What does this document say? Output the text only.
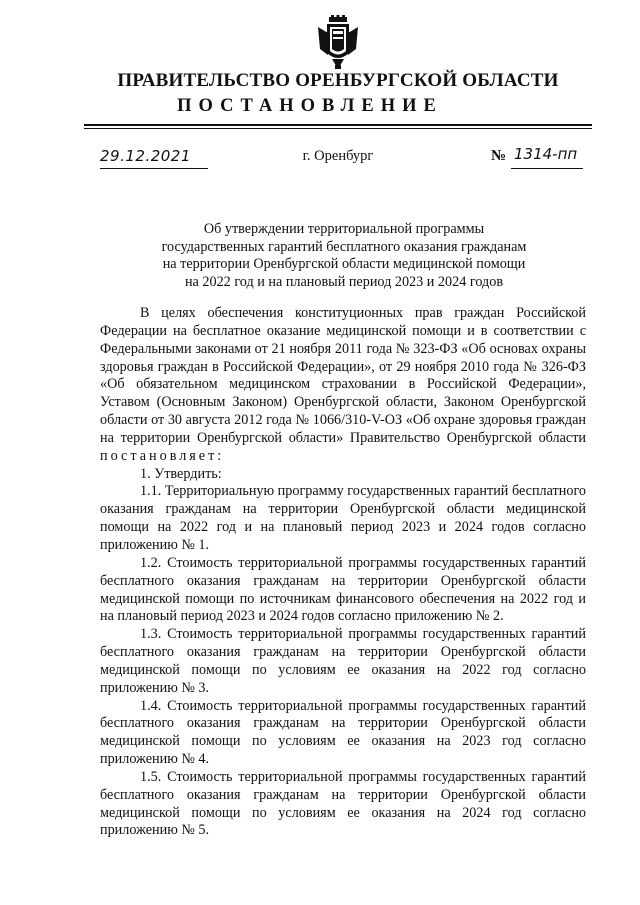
ПРАВИТЕЛЬСТВО ОРЕНБУРГСКОЙ ОБЛАСТИ
ПОСТАНОВЛЕНИЕ
29.12.2021	г. Оренбург	№ 1314-пп
Об утверждении территориальной программы
государственных гарантий бесплатного оказания гражданам
на территории Оренбургской области медицинской помощи
на 2022 год и на плановый период 2023 и 2024 годов

В целях обеспечения конституционных прав граждан Российской Федерации на бесплатное оказание медицинской помощи и в соответствии с Федеральными законами от 21 ноября 2011 года № 323-ФЗ «Об основах охраны здоровья граждан в Российской Федерации», от 29 ноября 2010 года № 326-ФЗ «Об обязательном медицинском страховании в Российской Федерации», Уставом (Основным Законом) Оренбургской области, Законом Оренбургской области от 30 августа 2012 года № 1066/310-V-ОЗ «Об охране здоровья граждан на территории Оренбургской области» Правительство Оренбургской области постановляет:

1. Утвердить:

1.1. Территориальную программу государственных гарантий бесплатного оказания гражданам на территории Оренбургской области медицинской помощи на 2022 год и на плановый период 2023 и 2024 годов согласно приложению № 1.

1.2. Стоимость территориальной программы государственных гарантий бесплатного оказания гражданам на территории Оренбургской области медицинской помощи по источникам финансового обеспечения на 2022 год и на плановый период 2023 и 2024 годов согласно приложению № 2.

1.3. Стоимость территориальной программы государственных гарантий бесплатного оказания гражданам на территории Оренбургской области медицинской помощи по условиям ее оказания на 2022 год согласно приложению № 3.

1.4. Стоимость территориальной программы государственных гарантий бесплатного оказания гражданам на территории Оренбургской области медицинской помощи по условиям ее оказания на 2023 год согласно приложению № 4.

1.5. Стоимость территориальной программы государственных гарантий бесплатного оказания гражданам на территории Оренбургской области медицинской помощи по условиям ее оказания на 2024 год согласно приложению № 5.
